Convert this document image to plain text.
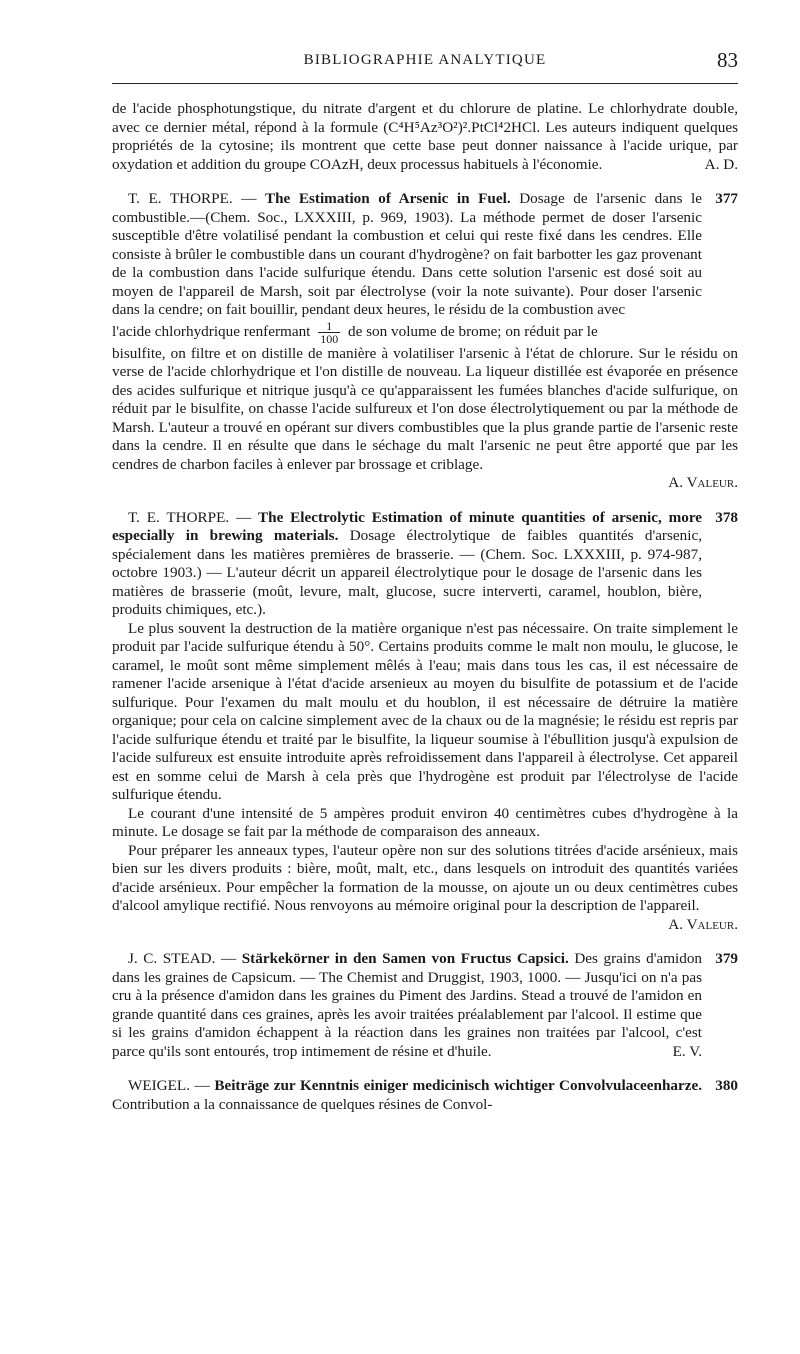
BIBLIOGRAPHIE ANALYTIQUE	83

de l'acide phosphotungstique, du nitrate d'argent et du chlorure de platine. Le chlorhydrate double, avec ce dernier métal, répond à la formule (C⁴H⁵Az³O²)².PtCl⁴2HCl. Les auteurs indiquent quelques propriétés de la cytosine; ils montrent que cette base peut donner naissance à l'acide urique, par oxydation et addition du groupe COAzH, deux processus habituels à l'économie.	A. D.

377

T. E. THORPE. — The Estimation of Arsenic in Fuel. Dosage de l'arsenic dans le combustible.—(Chem. Soc., LXXXIII, p. 969, 1903). La méthode permet de doser l'arsenic susceptible d'être volatilisé pendant la combustion et celui qui reste fixé dans les cendres. Elle consiste à brûler le combustible dans un courant d'hydrogène? on fait barbotter les gaz provenant de la combustion dans l'acide sulfurique étendu. Dans cette solution l'arsenic est dosé soit au moyen de l'appareil de Marsh, soit par électrolyse (voir la note suivante). Pour doser l'arsenic dans la cendre; on fait bouillir, pendant deux heures, le résidu de la combustion avec

l'acide chlorhydrique renfermant $\frac{1}{100}$ de son volume de brome; on réduit par le

bisulfite, on filtre et on distille de manière à volatiliser l'arsenic à l'état de chlorure. Sur le résidu on verse de l'acide chlorhydrique et l'on distille de nouveau. La liqueur distillée est évaporée en présence des acides sulfurique et nitrique jusqu'à ce qu'apparaissent les fumées blanches d'acide sulfurique, on réduit par le bisulfite, on chasse l'acide sulfureux et l'on dose électrolytiquement ou par la méthode de Marsh. L'auteur a trouvé en opérant sur divers combustibles que la plus grande partie de l'arsenic reste dans la cendre. Il en résulte que dans le séchage du malt l'arsenic ne peut être apporté que par les cendres de charbon faciles à enlever par brossage et criblage.

A. Valeur.

378

T. E. THORPE. — The Electrolytic Estimation of minute quantities of arsenic, more especially in brewing materials. Dosage électrolytique de faibles quantités d'arsenic, spécialement dans les matières premières de brasserie. — (Chem. Soc. LXXXIII, p. 974-987, octobre 1903.) — L'auteur décrit un appareil électrolytique pour le dosage de l'arsenic dans les matières de brasserie (moût, levure, malt, glucose, sucre interverti, caramel, houblon, bière, produits chimiques, etc.).

Le plus souvent la destruction de la matière organique n'est pas nécessaire. On traite simplement le produit par l'acide sulfurique étendu à 50°. Certains produits comme le malt non moulu, le glucose, le caramel, le moût sont même simplement mêlés à l'eau; mais dans tous les cas, il est nécessaire de ramener l'acide arsenique à l'état d'acide arsenieux au moyen du bisulfite de potassium et de l'acide sulfurique. Pour l'examen du malt moulu et du houblon, il est nécessaire de détruire la matière organique; pour cela on calcine simplement avec de la chaux ou de la magnésie; le résidu est repris par l'acide sulfurique étendu et traité par le bisulfite, la liqueur soumise à l'ébullition jusqu'à expulsion de l'acide sulfureux est ensuite introduite après refroidissement dans l'appareil à électrolyse. Cet appareil est en somme celui de Marsh à cela près que l'hydrogène est produit par l'électrolyse de l'acide sulfurique étendu.

Le courant d'une intensité de 5 ampères produit environ 40 centimètres cubes d'hydrogène à la minute. Le dosage se fait par la méthode de comparaison des anneaux.

Pour préparer les anneaux types, l'auteur opère non sur des solutions titrées d'acide arsénieux, mais bien sur les divers produits : bière, moût, malt, etc., dans lesquels on introduit des quantités variées d'acide arsénieux. Pour empêcher la formation de la mousse, on ajoute un ou deux centimètres cubes d'alcool amylique rectifié. Nous renvoyons au mémoire original pour la description de l'appareil.

A. Valeur.

379

J. C. STEAD. — Stärkekörner in den Samen von Fructus Capsici. Des grains d'amidon dans les graines de Capsicum. — The Chemist and Druggist, 1903, 1000. — Jusqu'ici on n'a pas cru à la présence d'amidon dans les graines du Piment des Jardins. Stead a trouvé de l'amidon en grande quantité dans ces graines, après les avoir traitées préalablement par l'alcool. Il estime que si les grains d'amidon échappent à la réaction dans les graines non traitées par l'alcool, c'est parce qu'ils sont entourés, trop intimement de résine et d'huile.	E. V.

380

WEIGEL. — Beiträge zur Kenntnis einiger medicinisch wichtiger Convolvulaceenharze. Contribution a la connaissance de quelques résines de Convol-
